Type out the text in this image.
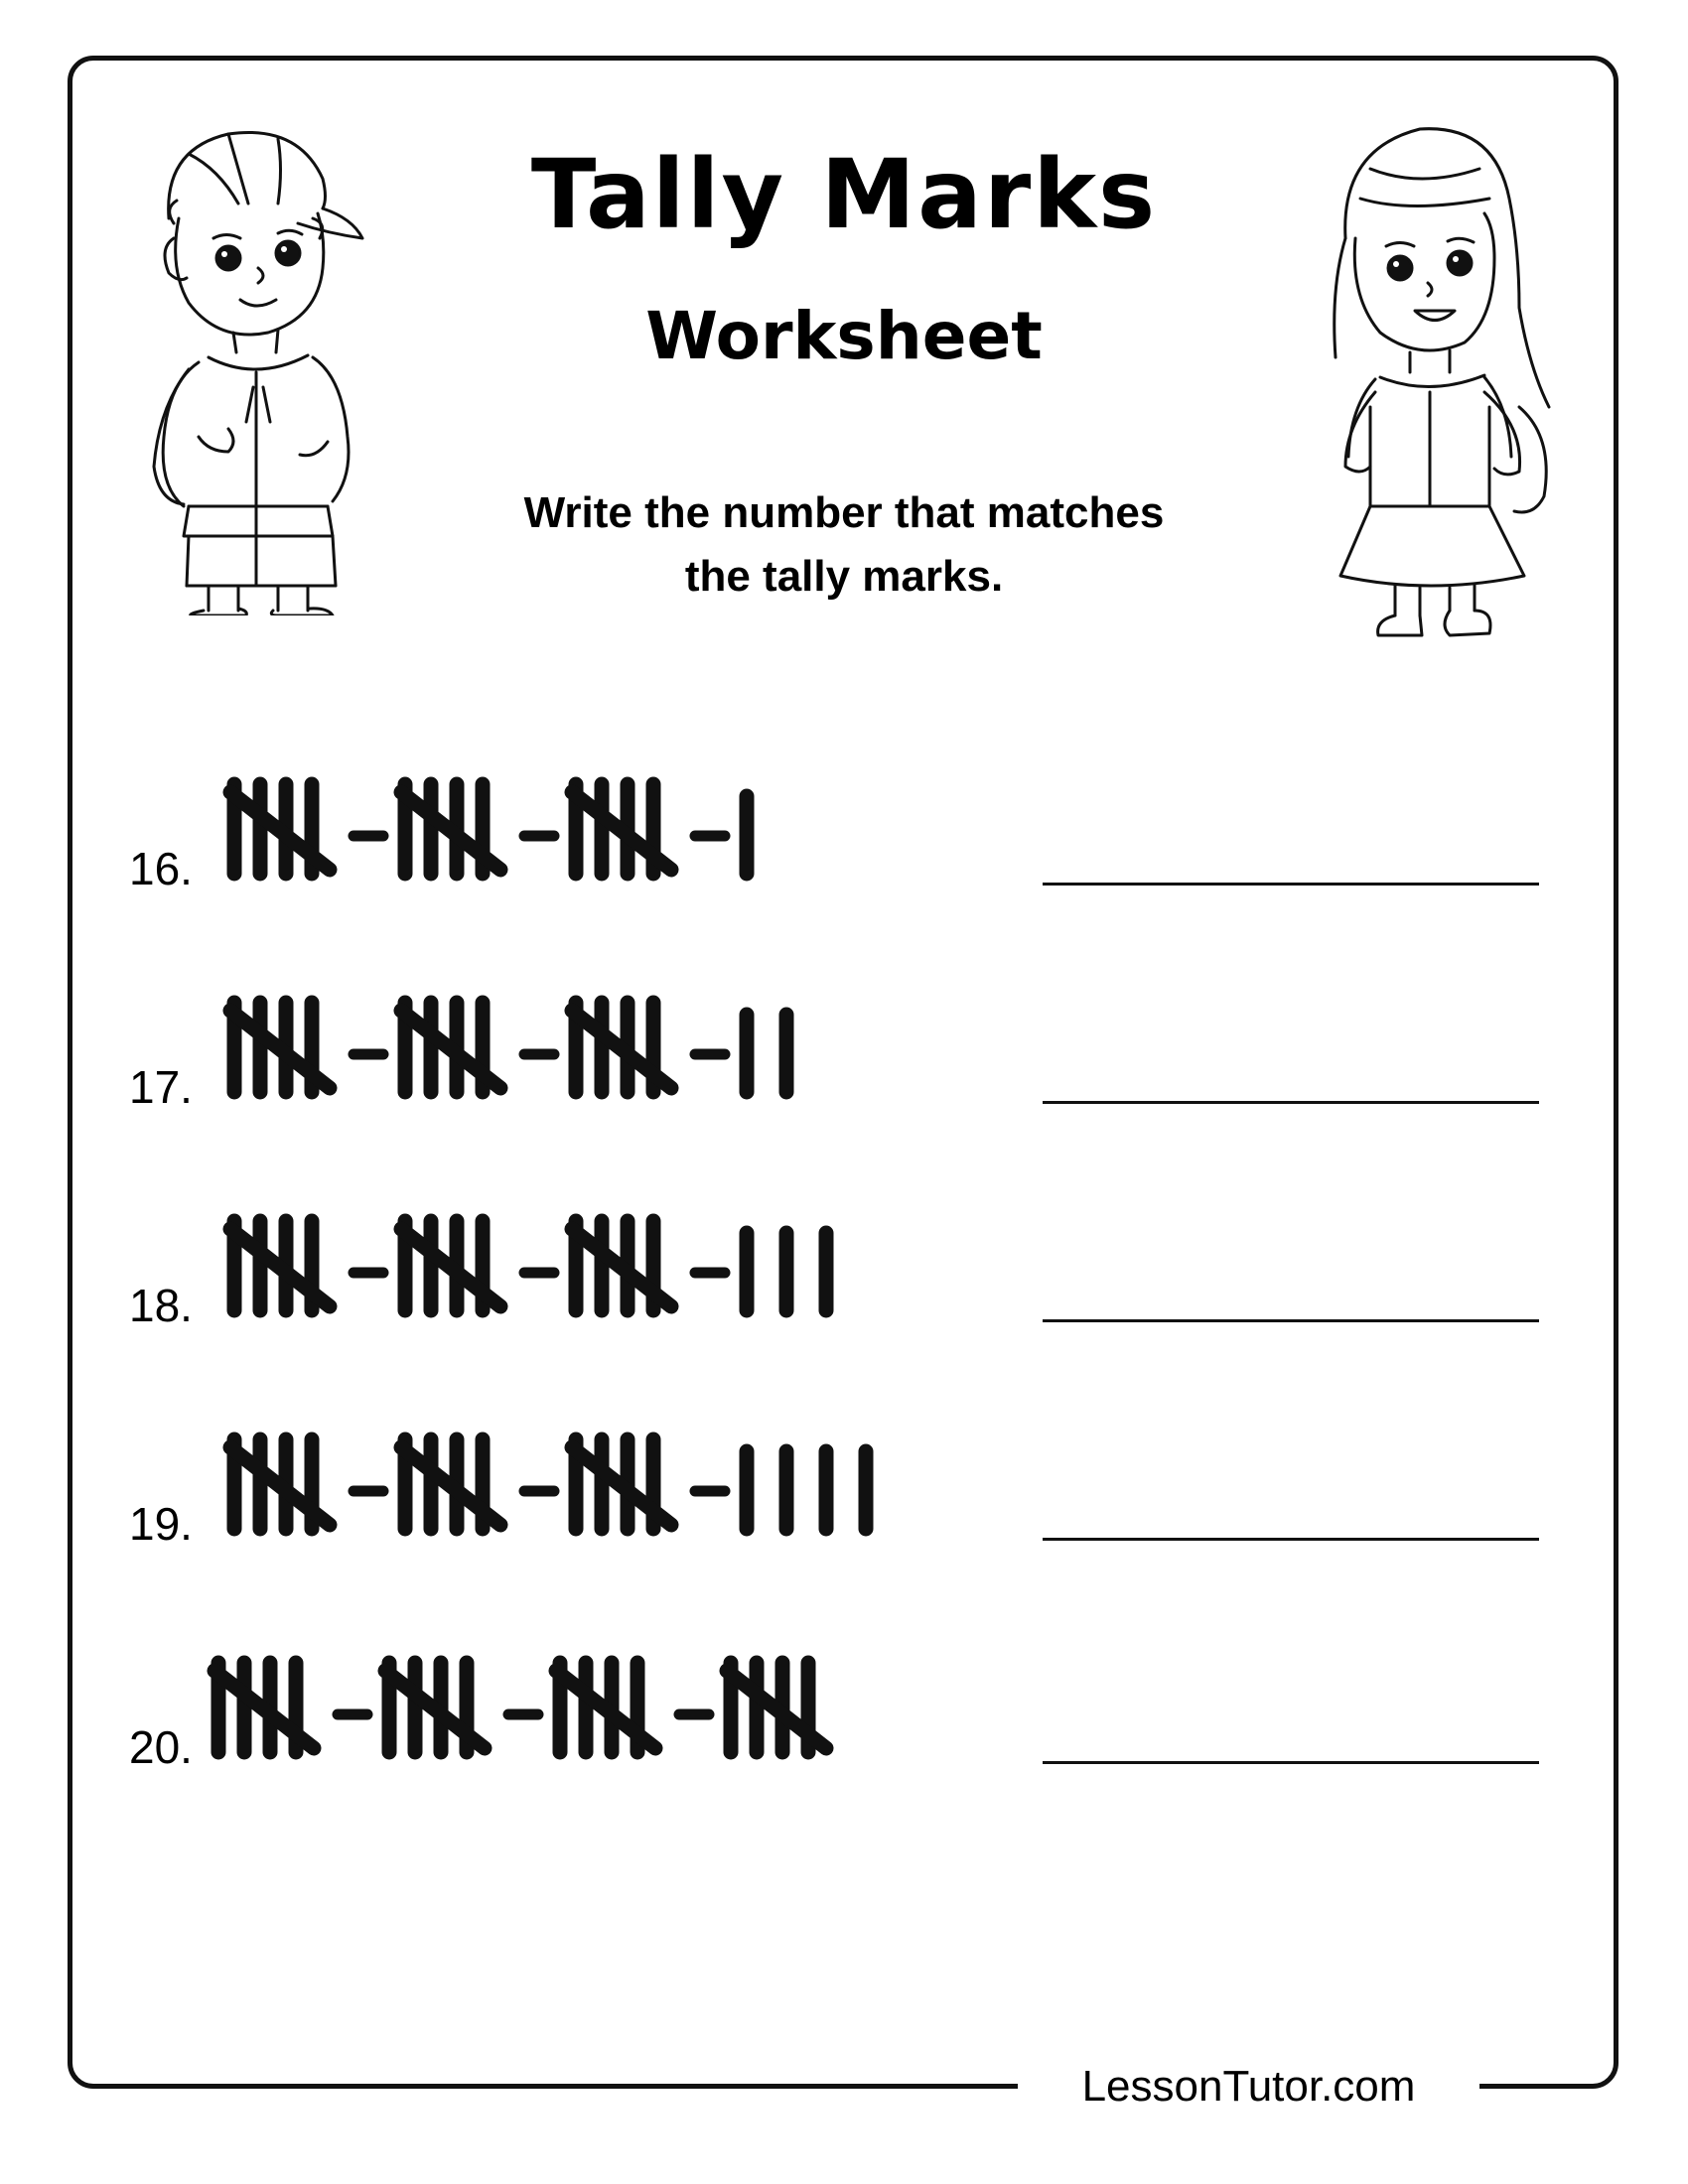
LessonTutor.com
Tally Marks
Worksheet
Write the number that matches
the tally marks.
16.
17.
18.
19.
20.
